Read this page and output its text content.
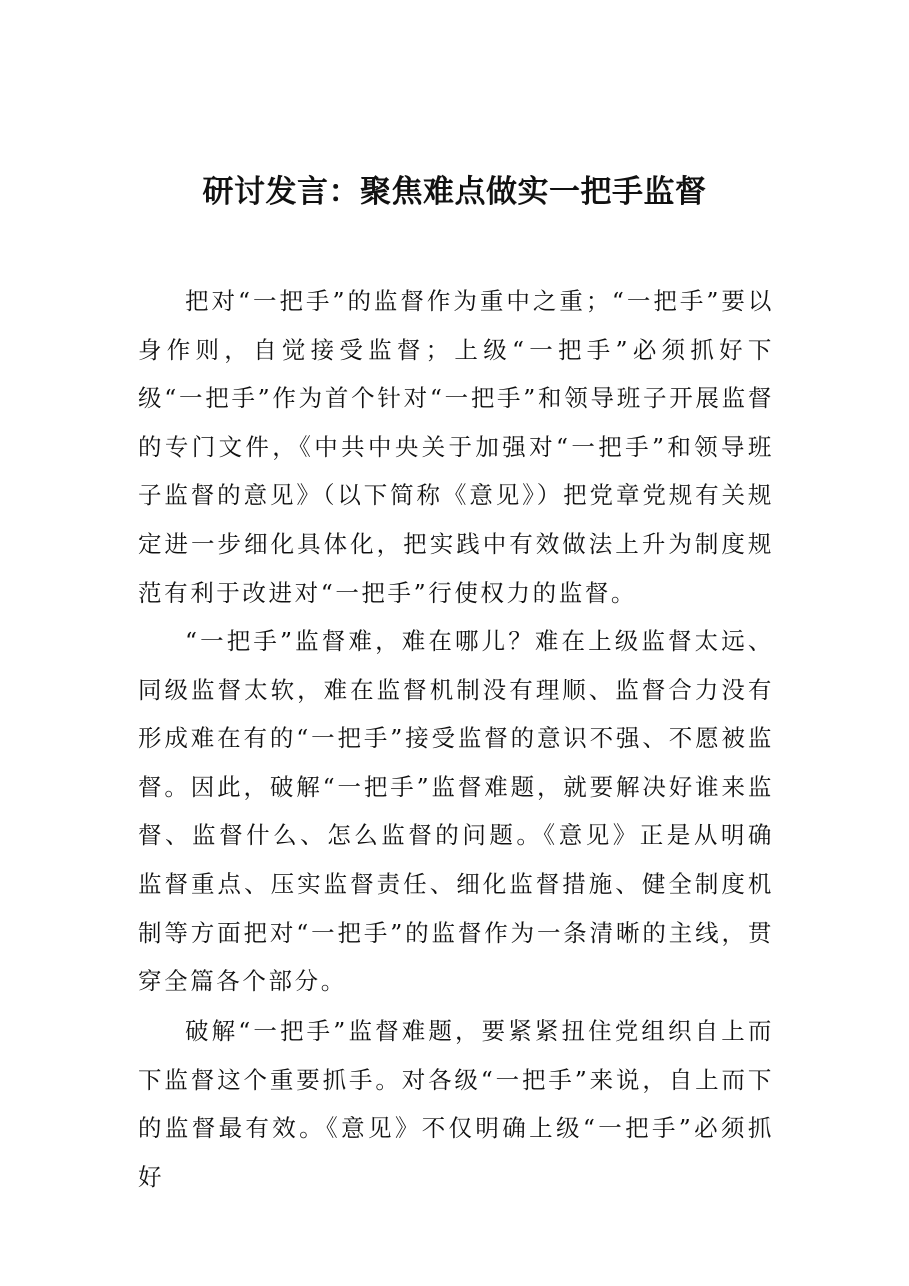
研讨发言：聚焦难点做实一把手监督

把对“一把手”的监督作为重中之重；“一把手”要以身作则，自觉接受监督；上级“一把手”必须抓好下级“一把手”作为首个针对“一把手”和领导班子开展监督的专门文件，《中共中央关于加强对“一把手”和领导班子监督的意见》（以下简称《意见》）把党章党规有关规定进一步细化具体化，把实践中有效做法上升为制度规范有利于改进对“一把手”行使权力的监督。

“一把手”监督难，难在哪儿？难在上级监督太远、同级监督太软，难在监督机制没有理顺、监督合力没有形成难在有的“一把手”接受监督的意识不强、不愿被监督。因此，破解“一把手”监督难题，就要解决好谁来监督、监督什么、怎么监督的问题。《意见》正是从明确监督重点、压实监督责任、细化监督措施、健全制度机制等方面把对“一把手”的监督作为一条清晰的主线，贯穿全篇各个部分。

破解“一把手”监督难题，要紧紧扭住党组织自上而下监督这个重要抓手。对各级“一把手”来说，自上而下的监督最有效。《意见》不仅明确上级“一把手”必须抓好
